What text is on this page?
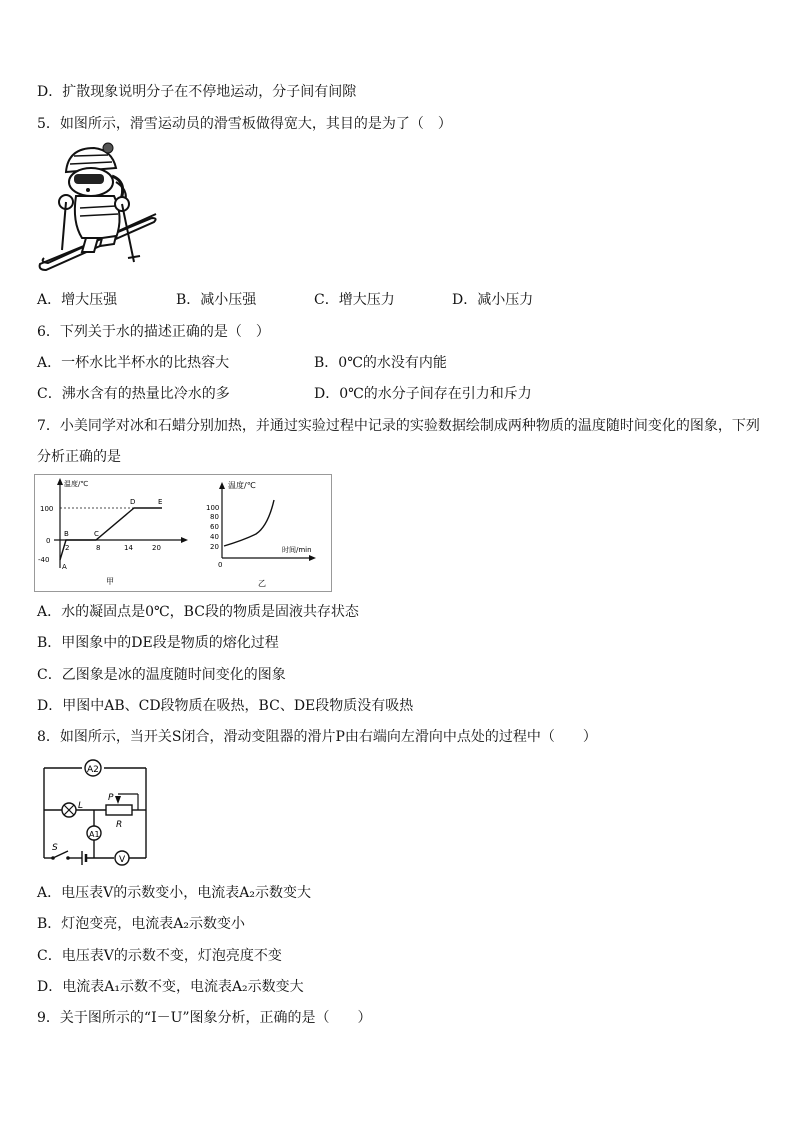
D．扩散现象说明分子在不停地运动，分子间有间隙
5．如图所示，滑雪运动员的滑雪板做得宽大，其目的是为了（　）
A．增大压强	B．减小压强	C．增大压力	D．减小压力
6．下列关于水的描述正确的是（　）
A．一杯水比半杯水的比热容大	B．0℃的水没有内能
C．沸水含有的热量比冷水的多	D．0℃的水分子间存在引力和斥力
7．小美同学对冰和石蜡分别加热，并通过实验过程中记录的实验数据绘制成两种物质的温度随时间变化的图象，下列
分析正确的是
温度/℃
100
0
-40
A
B	C
D	E
2	8	14	20
甲
温度/℃
100
80
60
40
20
0
时间/min
乙
A．水的凝固点是0℃，BC段的物质是固液共存状态
B．甲图象中的DE段是物质的熔化过程
C．乙图象是冰的温度随时间变化的图象
D．甲图中AB、CD段物质在吸热，BC、DE段物质没有吸热
8．如图所示，当开关S闭合，滑动变阻器的滑片P由右端向左滑向中点处的过程中（　　）
A2
L
P
R
A1
S
V
A．电压表V的示数变小，电流表A₂示数变大
B．灯泡变亮，电流表A₂示数变小
C．电压表V的示数不变，灯泡亮度不变
D．电流表A₁示数不变，电流表A₂示数变大
9．关于图所示的“I－U”图象分析，正确的是（　　）
